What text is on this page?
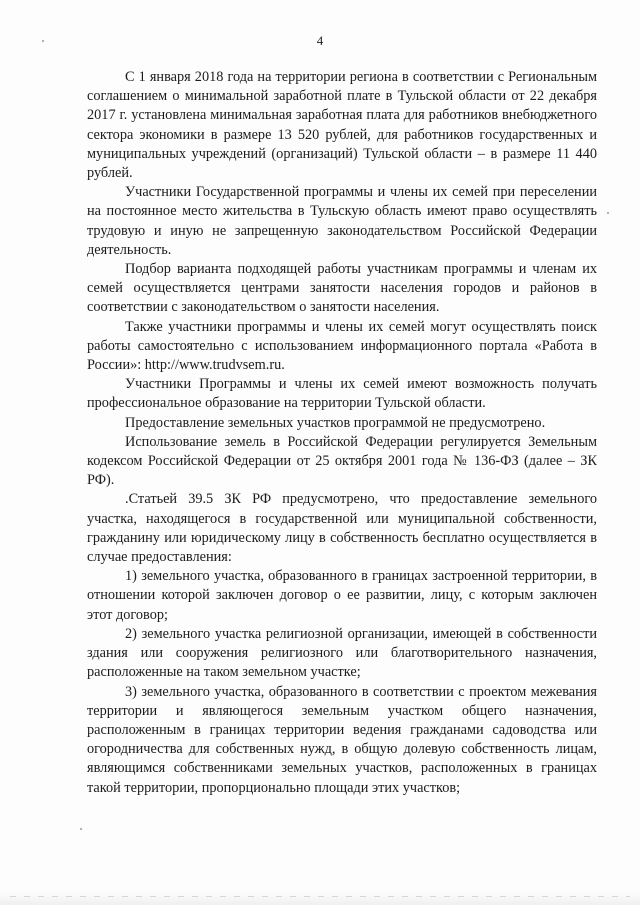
4

С 1 января 2018 года на территории региона в соответствии с Региональным соглашением о минимальной заработной плате в Тульской области от 22 декабря 2017 г. установлена минимальная заработная плата для работников внебюджетного сектора экономики в размере 13 520 рублей, для работников государственных и муниципальных учреждений (организаций) Тульской области – в размере 11 440 рублей.

Участники Государственной программы и члены их семей при переселении на постоянное место жительства в Тульскую область имеют право осуществлять трудовую и иную не запрещенную законодательством Российской Федерации деятельность.

Подбор варианта подходящей работы участникам программы и членам их семей осуществляется центрами занятости населения городов и районов в соответствии с законодательством о занятости населения.

Также участники программы и члены их семей могут осуществлять поиск работы самостоятельно с использованием информационного портала «Работа в России»: http://www.trudvsem.ru.

Участники Программы и члены их семей имеют возможность получать профессиональное образование на территории Тульской области.

Предоставление земельных участков программой не предусмотрено.

Использование земель в Российской Федерации регулируется Земельным кодексом Российской Федерации от 25 октября 2001 года № 136-ФЗ (далее – ЗК РФ).

.Статьей 39.5 ЗК РФ предусмотрено, что предоставление земельного участка, находящегося в государственной или муниципальной собственности, гражданину или юридическому лицу в собственность бесплатно осуществляется в случае предоставления:

1) земельного участка, образованного в границах застроенной территории, в отношении которой заключен договор о ее развитии, лицу, с которым заключен этот договор;

2) земельного участка религиозной организации, имеющей в собственности здания или сооружения религиозного или благотворительного назначения, расположенные на таком земельном участке;

3) земельного участка, образованного в соответствии с проектом межевания территории и являющегося земельным участком общего назначения, расположенным в границах территории ведения гражданами садоводства или огородничества для собственных нужд, в общую долевую собственность лицам, являющимся собственниками земельных участков, расположенных в границах такой территории, пропорционально площади этих участков;
